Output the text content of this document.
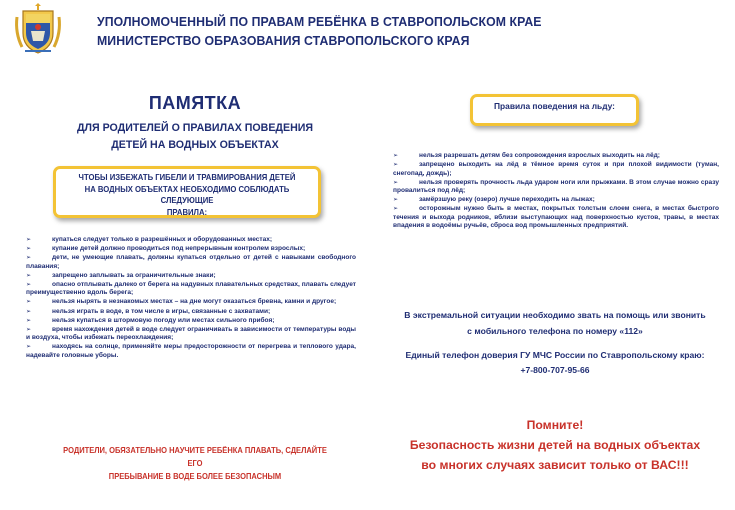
УПОЛНОМОЧЕННЫЙ ПО ПРАВАМ РЕБЁНКА В СТАВРОПОЛЬСКОМ КРАЕ
МИНИСТЕРСТВО ОБРАЗОВАНИЯ СТАВРОПОЛЬСКОГО КРАЯ
ПАМЯТКА
ДЛЯ РОДИТЕЛЕЙ О ПРАВИЛАХ ПОВЕДЕНИЯ
ДЕТЕЙ НА ВОДНЫХ ОБЪЕКТАХ
ЧТОБЫ ИЗБЕЖАТЬ ГИБЕЛИ И ТРАВМИРОВАНИЯ ДЕТЕЙ
НА ВОДНЫХ ОБЪЕКТАХ НЕОБХОДИМО СОБЛЮДАТЬ СЛЕДУЮЩИЕ
ПРАВИЛА:
➢	купаться следует только в разрешённых и оборудованных местах;
➢	купание детей должно проводиться под непрерывным контролем взрослых;
➢	дети, не умеющие плавать, должны купаться отдельно от детей с навыками свободного плавания;
➢	запрещено заплывать за ограничительные знаки;
➢	опасно отплывать далеко от берега на надувных плавательных средствах, плавать следует преимущественно вдоль берега;
➢	нельзя нырять в незнакомых местах – на дне могут оказаться бревна, камни и другое;
➢	нельзя играть в воде, в том числе в игры, связанные с захватами;
➢	нельзя купаться в штормовую погоду или местах сильного прибоя;
➢	время нахождения детей в воде следует ограничивать в зависимости от температуры воды и воздуха, чтобы избежать переохлаждения;
➢	находясь на солнце, применяйте меры предосторожности от перегрева и теплового удара, надевайте головные уборы.
РОДИТЕЛИ, ОБЯЗАТЕЛЬНО НАУЧИТЕ РЕБЁНКА ПЛАВАТЬ, СДЕЛАЙТЕ ЕГО
ПРЕБЫВАНИЕ В ВОДЕ БОЛЕЕ БЕЗОПАСНЫМ
Правила поведения на льду:
➢	нельзя разрешать детям без сопровождения взрослых выходить на лёд;
➢	запрещено выходить на лёд в тёмное время суток и при плохой видимости (туман, снегопад, дождь);
➢	нельзя проверять прочность льда ударом ноги или прыжками. В этом случае можно сразу провалиться под лёд;
➢	замёрзшую реку (озеро) лучше переходить на лыжах;
➢	осторожным нужно быть в местах, покрытых толстым слоем снега, в местах быстрого течения и выхода родников, вблизи выступающих над поверхностью кустов, травы, в местах впадения в водоёмы ручьёв, сброса вод промышленных предприятий.
В экстремальной ситуации необходимо звать на помощь или звонить
с мобильного телефона по номеру «112»
Единый телефон доверия ГУ МЧС России по Ставропольскому краю:
+7-800-707-95-66
Помните!
Безопасность жизни детей на водных объектах
во многих случаях зависит только от ВАС!!!
